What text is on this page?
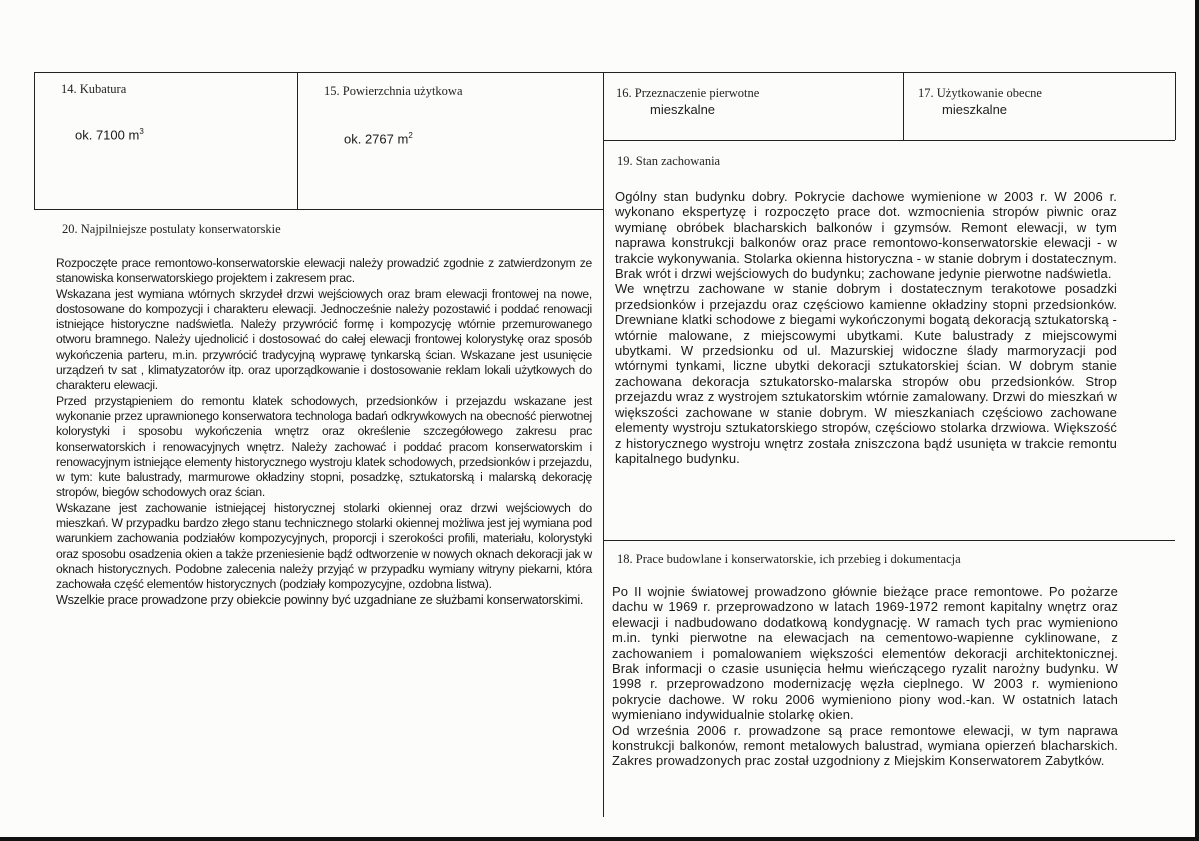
14. Kubatura
ok. 7100 $m^3$
15. Powierzchnia użytkowa
ok. 2767 $m^2$
16. Przeznaczenie pierwotne
mieszkalne
17. Użytkowanie obecne
mieszkalne
20. Najpilniejsze postulaty konserwatorskie

Rozpoczęte prace remontowo-konserwatorskie elewacji należy prowadzić zgodnie z zatwierdzonym ze stanowiska konserwatorskiego projektem i zakresem prac.

Wskazana jest wymiana wtórnych skrzydeł drzwi wejściowych oraz bram elewacji frontowej na nowe, dostosowane do kompozycji i charakteru elewacji. Jednocześnie należy pozostawić i poddać renowacji istniejące historyczne nadświetla. Należy przywrócić formę i kompozycję wtórnie przemurowanego otworu bramnego. Należy ujednolicić i dostosować do całej elewacji frontowej kolorystykę oraz sposób wykończenia parteru, m.in. przywrócić tradycyjną wyprawę tynkarską ścian. Wskazane jest usunięcie urządzeń tv sat , klimatyzatorów itp. oraz uporządkowanie i dostosowanie reklam lokali użytkowych do charakteru elewacji.

Przed przystąpieniem do remontu klatek schodowych, przedsionków i przejazdu wskazane jest wykonanie przez uprawnionego konserwatora technologa badań odkrywkowych na obecność pierwotnej kolorystyki i sposobu wykończenia wnętrz oraz określenie szczegółowego zakresu prac konserwatorskich i renowacyjnych wnętrz. Należy zachować i poddać pracom konserwatorskim i renowacyjnym istniejące elementy historycznego wystroju klatek schodowych, przedsionków i przejazdu, w tym: kute balustrady, marmurowe okładziny stopni, posadzkę, sztukatorską i malarską dekorację stropów, biegów schodowych oraz ścian.

Wskazane jest zachowanie istniejącej historycznej stolarki okiennej oraz drzwi wejściowych do mieszkań. W przypadku bardzo złego stanu technicznego stolarki okiennej możliwa jest jej wymiana pod warunkiem zachowania podziałów kompozycyjnych, proporcji i szerokości profili, materiału, kolorystyki oraz sposobu osadzenia okien a także przeniesienie bądź odtworzenie w nowych oknach dekoracji jak w oknach historycznych. Podobne zalecenia należy przyjąć w przypadku wymiany witryny piekarni, która zachowała część elementów historycznych (podziały kompozycyjne, ozdobna listwa).

Wszelkie prace prowadzone przy obiekcie powinny być uzgadniane ze służbami konserwatorskimi.

19. Stan zachowania

Ogólny stan budynku dobry. Pokrycie dachowe wymienione w 2003 r. W 2006 r. wykonano ekspertyzę i rozpoczęto prace dot. wzmocnienia stropów piwnic oraz wymianę obróbek blacharskich balkonów i gzymsów. Remont elewacji, w tym naprawa konstrukcji balkonów oraz prace remontowo-konserwatorskie elewacji - w trakcie wykonywania. Stolarka okienna historyczna - w stanie dobrym i dostatecznym. Brak wrót i drzwi wejściowych do budynku; zachowane jedynie pierwotne nadświetla.

We wnętrzu zachowane w stanie dobrym i dostatecznym terakotowe posadzki przedsionków i przejazdu oraz częściowo kamienne okładziny stopni przedsionków. Drewniane klatki schodowe z biegami wykończonymi bogatą dekoracją sztukatorską - wtórnie malowane, z miejscowymi ubytkami. Kute balustrady z miejscowymi ubytkami. W przedsionku od ul. Mazurskiej widoczne ślady marmoryzacji pod wtórnymi tynkami, liczne ubytki dekoracji sztukatorskiej ścian. W dobrym stanie zachowana dekoracja sztukatorsko-malarska stropów obu przedsionków. Strop przejazdu wraz z wystrojem sztukatorskim wtórnie zamalowany. Drzwi do mieszkań w większości zachowane w stanie dobrym. W mieszkaniach częściowo zachowane elementy wystroju sztukatorskiego stropów, częściowo stolarka drzwiowa. Większość z historycznego wystroju wnętrz została zniszczona bądź usunięta w trakcie remontu kapitalnego budynku.

18. Prace budowlane i konserwatorskie, ich przebieg i dokumentacja

Po II wojnie światowej prowadzono głównie bieżące prace remontowe. Po pożarze dachu w 1969 r. przeprowadzono w latach 1969-1972 remont kapitalny wnętrz oraz elewacji i nadbudowano dodatkową kondygnację. W ramach tych prac wymieniono m.in. tynki pierwotne na elewacjach na cementowo-wapienne cyklinowane, z zachowaniem i pomalowaniem większości elementów dekoracji architektonicznej. Brak informacji o czasie usunięcia hełmu wieńczącego ryzalit narożny budynku. W 1998 r. przeprowadzono modernizację węzła cieplnego. W 2003 r. wymieniono pokrycie dachowe. W roku 2006 wymieniono piony wod.-kan. W ostatnich latach wymieniano indywidualnie stolarkę okien.

Od września 2006 r. prowadzone są prace remontowe elewacji, w tym naprawa konstrukcji balkonów, remont metalowych balustrad, wymiana opierzeń blacharskich. Zakres prowadzonych prac został uzgodniony z Miejskim Konserwatorem Zabytków.
